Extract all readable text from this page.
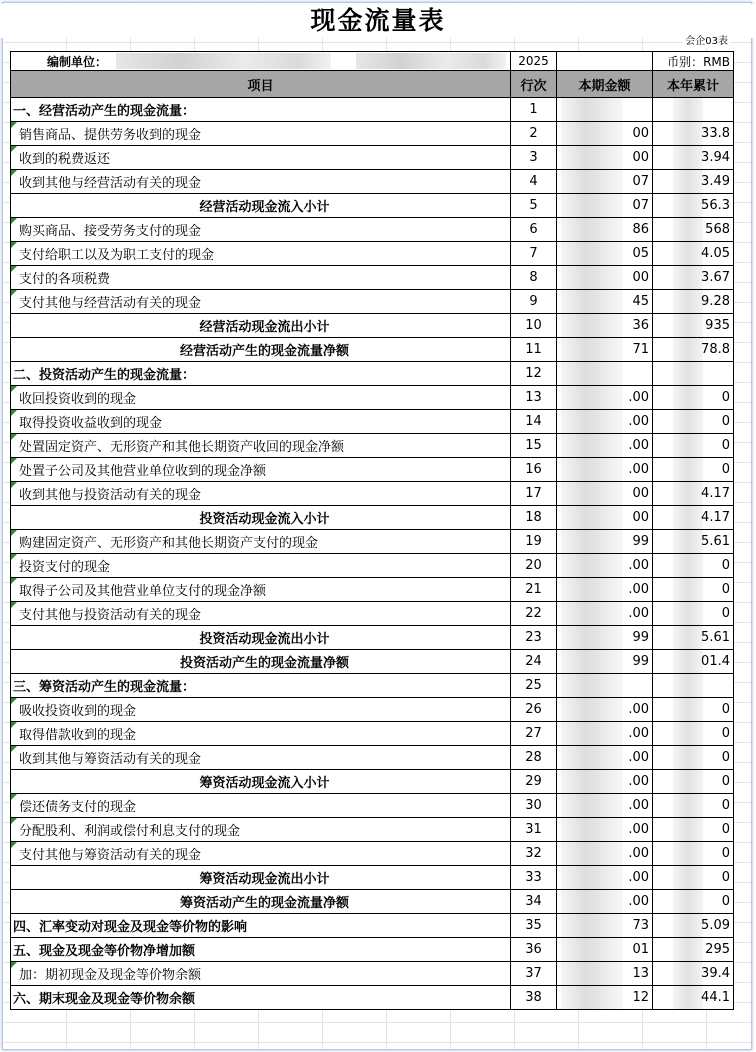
现金流量表
会企03表
编制单位：	2025		币别：RMB
项目	行次	本期金额	本年累计
一、经营活动产生的现金流量：	1	

销售商品、提供劳务收到的现金	2	00	33.8
收到的税费返还	3	00	3.94
收到其他与经营活动有关的现金	4	07	3.49
经营活动现金流入小计	5	07	56.3
购买商品、接受劳务支付的现金	6	86	568
支付给职工以及为职工支付的现金	7	05	4.05
支付的各项税费	8	00	3.67
支付其他与经营活动有关的现金	9	45	9.28
经营活动现金流出小计	10	36	935
经营活动产生的现金流量净额	11	71	78.8
二、投资活动产生的现金流量：	12	

收回投资收到的现金	13	.00	0
取得投资收益收到的现金	14	.00	0
处置固定资产、无形资产和其他长期资产收回的现金净额	15	.00	0
处置子公司及其他营业单位收到的现金净额	16	.00	0
收到其他与投资活动有关的现金	17	00	4.17
投资活动现金流入小计	18	00	4.17
购建固定资产、无形资产和其他长期资产支付的现金	19	99	5.61
投资支付的现金	20	.00	0
取得子公司及其他营业单位支付的现金净额	21	.00	0
支付其他与投资活动有关的现金	22	.00	0
投资活动现金流出小计	23	99	5.61
投资活动产生的现金流量净额	24	99	01.4
三、筹资活动产生的现金流量：	25	

吸收投资收到的现金	26	.00	0
取得借款收到的现金	27	.00	0
收到其他与筹资活动有关的现金	28	.00	0
筹资活动现金流入小计	29	.00	0
偿还债务支付的现金	30	.00	0
分配股利、利润或偿付利息支付的现金	31	.00	0
支付其他与筹资活动有关的现金	32	.00	0
筹资活动现金流出小计	33	.00	0
筹资活动产生的现金流量净额	34	.00	0
四、汇率变动对现金及现金等价物的影响	35	73	5.09
五、现金及现金等价物净增加额	36	01	295
加：期初现金及现金等价物余额	37	13	39.4
六、期末现金及现金等价物余额	38	12	44.1
